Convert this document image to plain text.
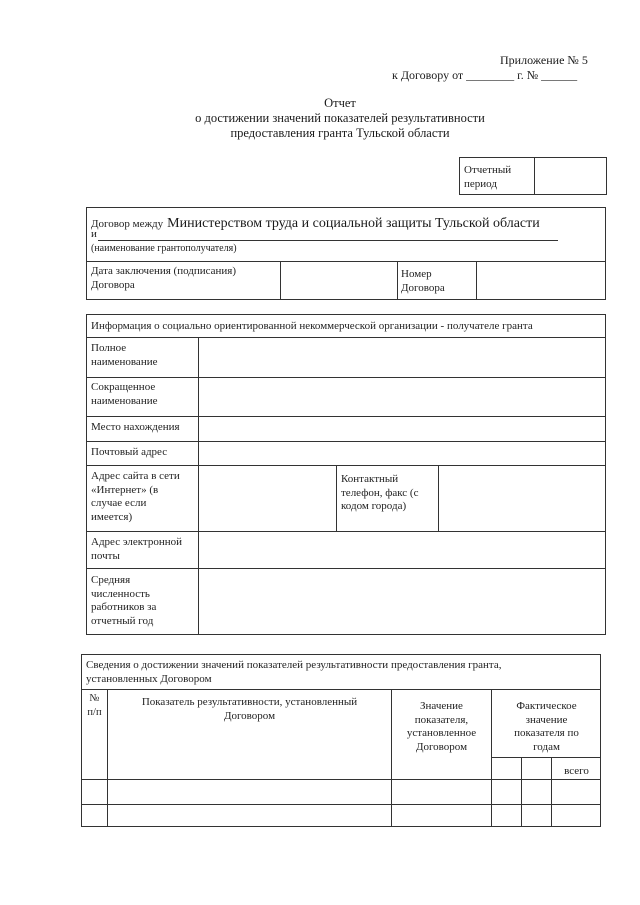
Приложение № 5
к Договору от ________ г. № ______
Отчет
о достижении значений показателей результативности
предоставления гранта Тульской области
Отчетный
период
Договор между Министерством труда и социальной защиты Тульской области
и
(наименование грантополучателя)
Дата заключения (подписания)
Договора
Номер
Договора
Информация о социально ориентированной некоммерческой организации - получателе гранта
Полное
наименование
Сокращенное
наименование
Место нахождения
Почтовый адрес
Адрес сайта в сети
«Интернет» (в
случае если
имеется)
Контактный
телефон, факс (с
кодом города)
Адрес электронной
почты
Средняя
численность
работников за
отчетный год
Сведения о достижении значений показателей результативности предоставления гранта,
установленных Договором
№
п/п
Показатель результативности, установленный
Договором
Значение
показателя,
установленное
Договором
Фактическое
значение
показателя по
годам
всего
